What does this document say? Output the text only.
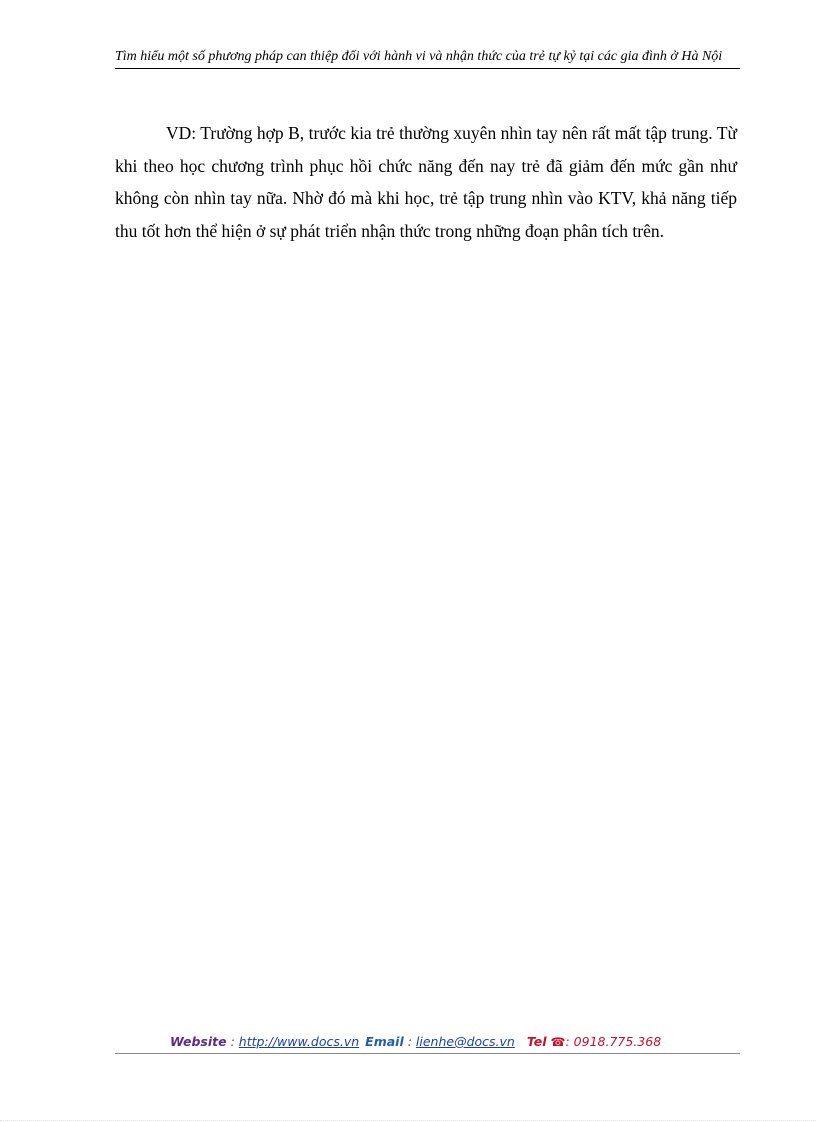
Tìm hiểu một số phương pháp can thiệp đối với hành vi và nhận thức của trẻ tự kỷ tại các gia đình ở Hà Nội

VD: Trường hợp B, trước kia trẻ thường xuyên nhìn tay nên rất mất tập trung. Từ khi theo học chương trình phục hồi chức năng đến nay trẻ đã giảm đến mức gần như không còn nhìn tay nữa. Nhờ đó mà khi học, trẻ tập trung nhìn vào KTV, khả năng tiếp thu tốt hơn thể hiện ở sự phát triển nhận thức trong những đoạn phân tích trên.

Website : http://www.docs.vn Email : lienhe@docs.vn Tel ☎: 0918.775.368
